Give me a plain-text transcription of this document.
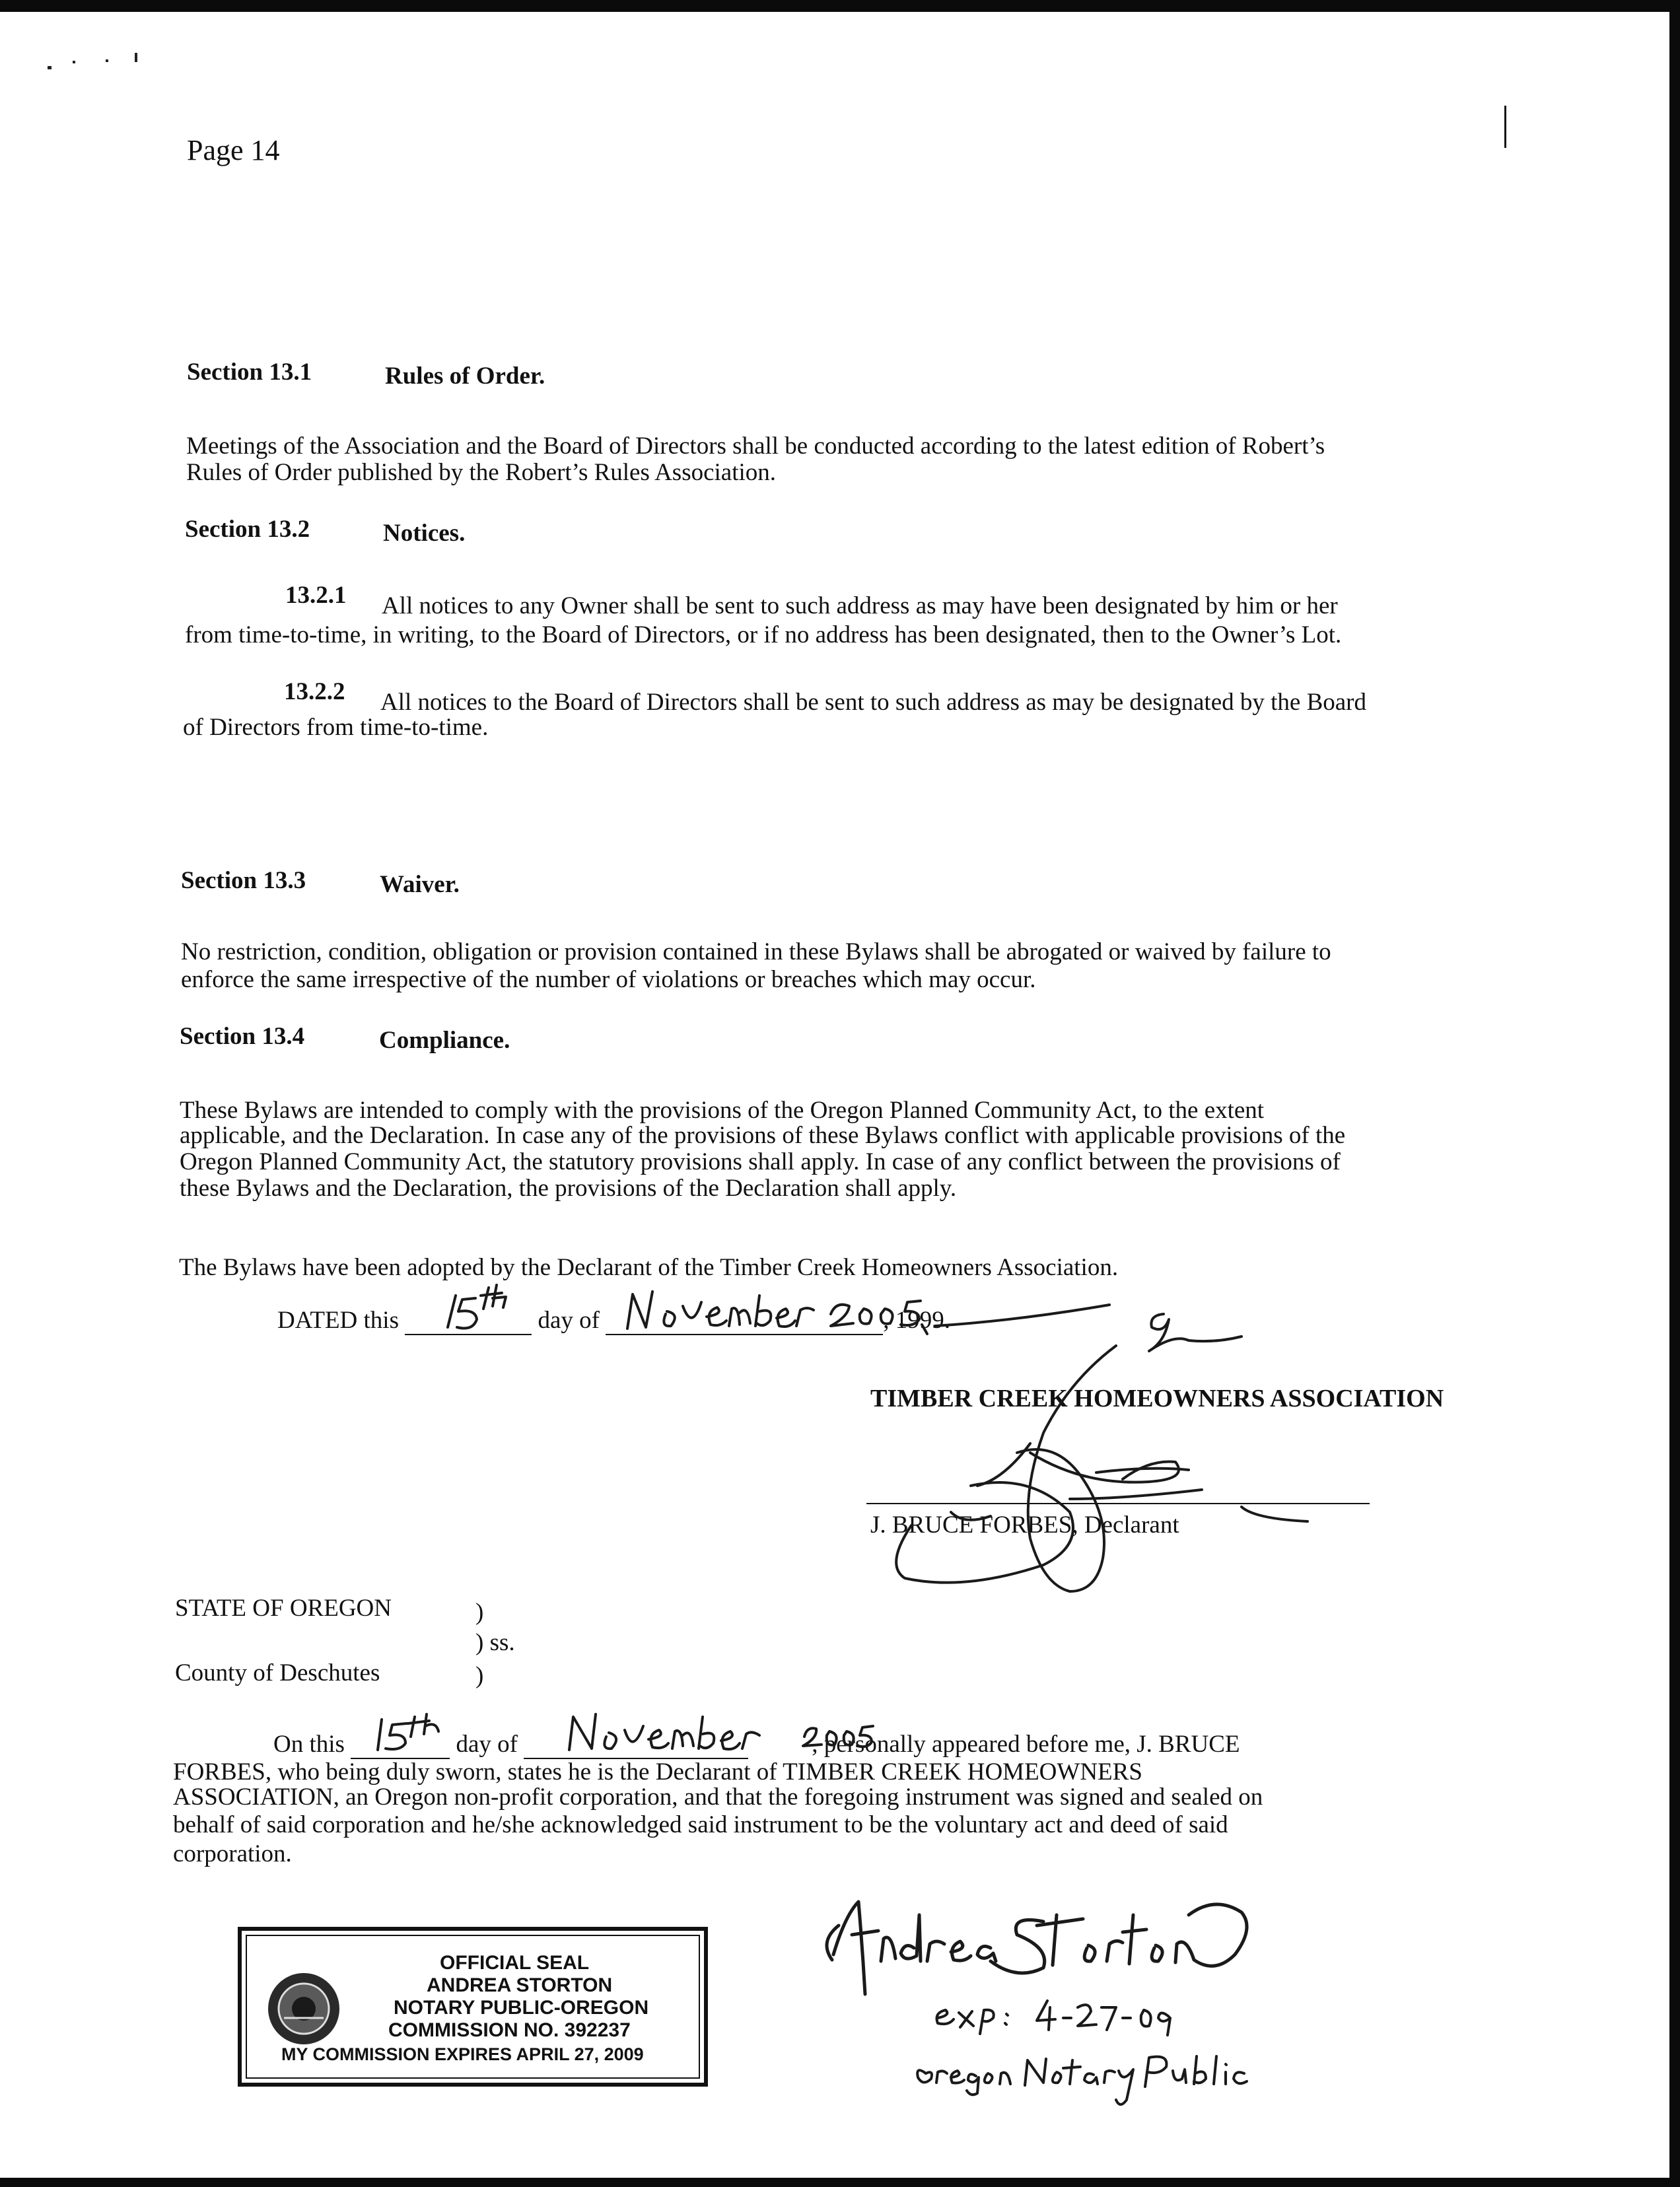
Page 14
Section 13.1	Rules of Order.
Meetings of the Association and the Board of Directors shall be conducted according to the latest edition of Robert’s
Rules of Order published by the Robert’s Rules Association.
Section 13.2	Notices.
13.2.1 All notices to any Owner shall be sent to such address as may have been designated by him or her
from time-to-time, in writing, to the Board of Directors, or if no address has been designated, then to the Owner’s Lot.
13.2.2 All notices to the Board of Directors shall be sent to such address as may be designated by the Board
of Directors from time-to-time.
Section 13.3	Waiver.
No restriction, condition, obligation or provision contained in these Bylaws shall be abrogated or waived by failure to
enforce the same irrespective of the number of violations or breaches which may occur.
Section 13.4	Compliance.
These Bylaws are intended to comply with the provisions of the Oregon Planned Community Act, to the extent
applicable, and the Declaration. In case any of the provisions of these Bylaws conflict with applicable provisions of the
Oregon Planned Community Act, the statutory provisions shall apply. In case of any conflict between the provisions of
these Bylaws and the Declaration, the provisions of the Declaration shall apply.
The Bylaws have been adopted by the Declarant of the Timber Creek Homeowners Association.
DATED this	day of	, 1999.
TIMBER CREEK HOMEOWNERS ASSOCIATION
J. BRUCE FORBES, Declarant
STATE OF OREGON	)
) ss.
County of Deschutes	)
On this	day of	, personally appeared before me, J. BRUCE
FORBES, who being duly sworn, states he is the Declarant of TIMBER CREEK HOMEOWNERS
ASSOCIATION, an Oregon non-profit corporation, and that the foregoing instrument was signed and sealed on
behalf of said corporation and he/she acknowledged said instrument to be the voluntary act and deed of said
corporation.
OFFICIAL SEAL
ANDREA STORTON
NOTARY PUBLIC-OREGON
COMMISSION NO. 392237
MY COMMISSION EXPIRES APRIL 27, 2009
